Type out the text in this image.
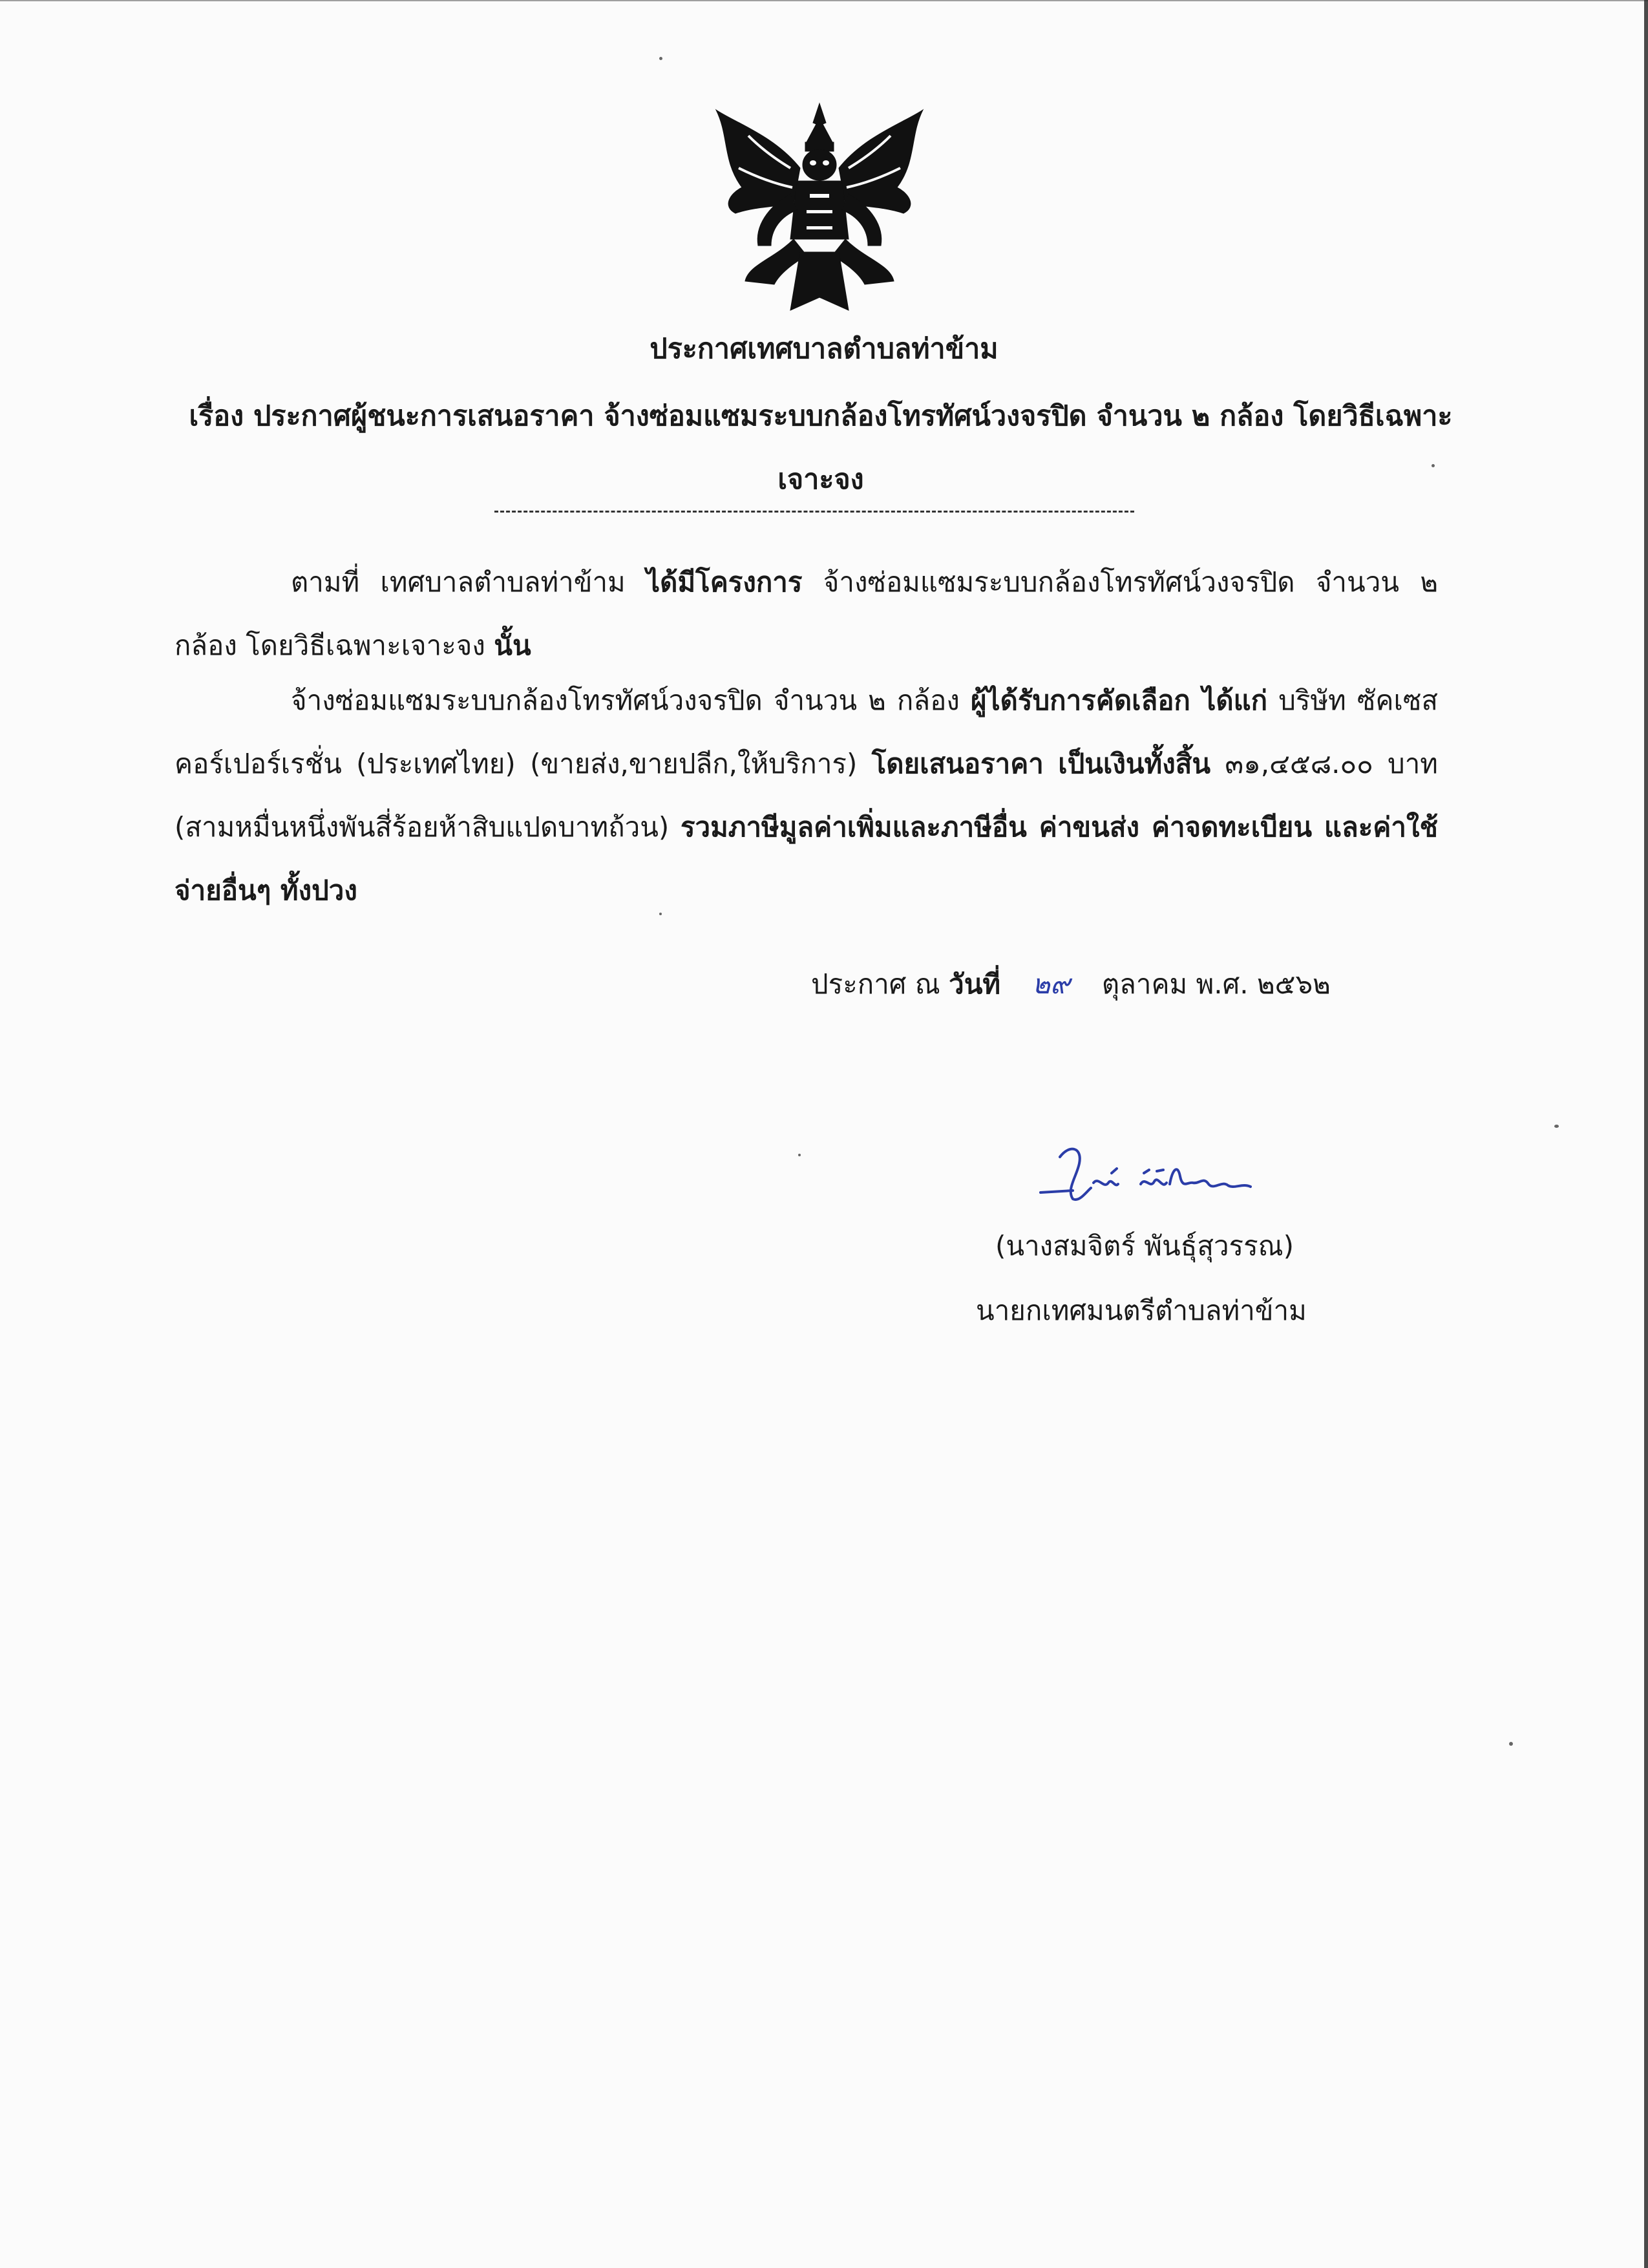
ประกาศเทศบาลตำบลท่าข้าม
เรื่อง ประกาศผู้ชนะการเสนอราคา จ้างซ่อมแซมระบบกล้องโทรทัศน์วงจรปิด จำนวน ๒ กล้อง โดยวิธีเฉพาะเจาะจง
ตามที่ เทศบาลตำบลท่าข้าม ได้มีโครงการ จ้างซ่อมแซมระบบกล้องโทรทัศน์วงจรปิด จำนวน ๒ กล้อง โดยวิธีเฉพาะเจาะจง นั้น
จ้างซ่อมแซมระบบกล้องโทรทัศน์วงจรปิด จำนวน ๒ กล้อง ผู้ได้รับการคัดเลือก ได้แก่ บริษัท ซัคเซส คอร์เปอร์เรชั่น (ประเทศไทย) (ขายส่ง,ขายปลีก,ให้บริการ) โดยเสนอราคา เป็นเงินทั้งสิ้น ๓๑,๔๕๘.๐๐ บาท (สามหมื่นหนึ่งพันสี่ร้อยห้าสิบแปดบาทถ้วน) รวมภาษีมูลค่าเพิ่มและภาษีอื่น ค่าขนส่ง ค่าจดทะเบียน และค่าใช้จ่ายอื่นๆ ทั้งปวง
ประกาศ ณ วันที่ ๒๙ ตุลาคม พ.ศ. ๒๕๖๒
(นางสมจิตร์ พันธุ์สุวรรณ)
นายกเทศมนตรีตำบลท่าข้าม
